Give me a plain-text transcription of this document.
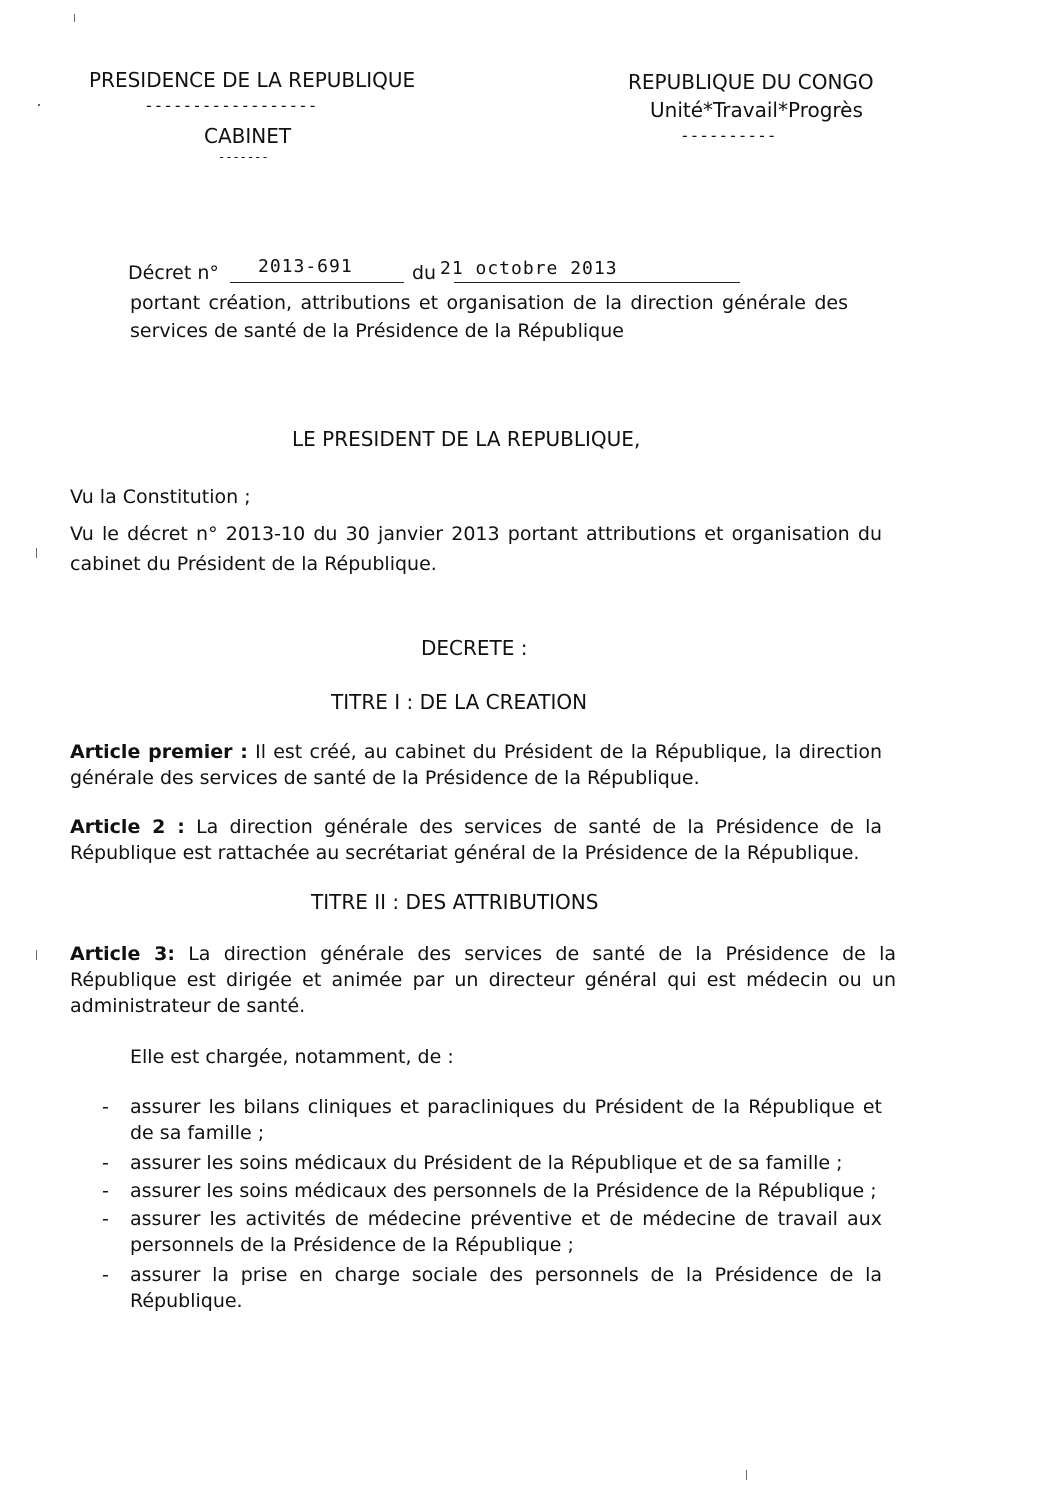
PRESIDENCE DE LA REPUBLIQUE
------------------
CABINET
-------
REPUBLIQUE DU CONGO
Unité*Travail*Progrès
----------
Décret n° 2013-691	du 21 octobre 2013
portant création, attributions et organisation de la direction générale des services de santé de la Présidence de la République
LE PRESIDENT DE LA REPUBLIQUE,
Vu la Constitution ;
Vu le décret n° 2013-10 du 30 janvier 2013 portant attributions et organisation du cabinet du Président de la République.
DECRETE :
TITRE I : DE LA CREATION
Article premier : Il est créé, au cabinet du Président de la République, la direction générale des services de santé de la Présidence de la République.
Article 2 : La direction générale des services de santé de la Présidence de la République est rattachée au secrétariat général de la Présidence de la République.
TITRE II : DES ATTRIBUTIONS
Article 3: La direction générale des services de santé de la Présidence de la République est dirigée et animée par un directeur général qui est médecin ou un administrateur de santé.
Elle est chargée, notamment, de :
- assurer les bilans cliniques et paracliniques du Président de la République et de sa famille ;
- assurer les soins médicaux du Président de la République et de sa famille ;
- assurer les soins médicaux des personnels de la Présidence de la République ;
- assurer les activités de médecine préventive et de médecine de travail aux personnels de la Présidence de la République ;
- assurer la prise en charge sociale des personnels de la Présidence de la République.
